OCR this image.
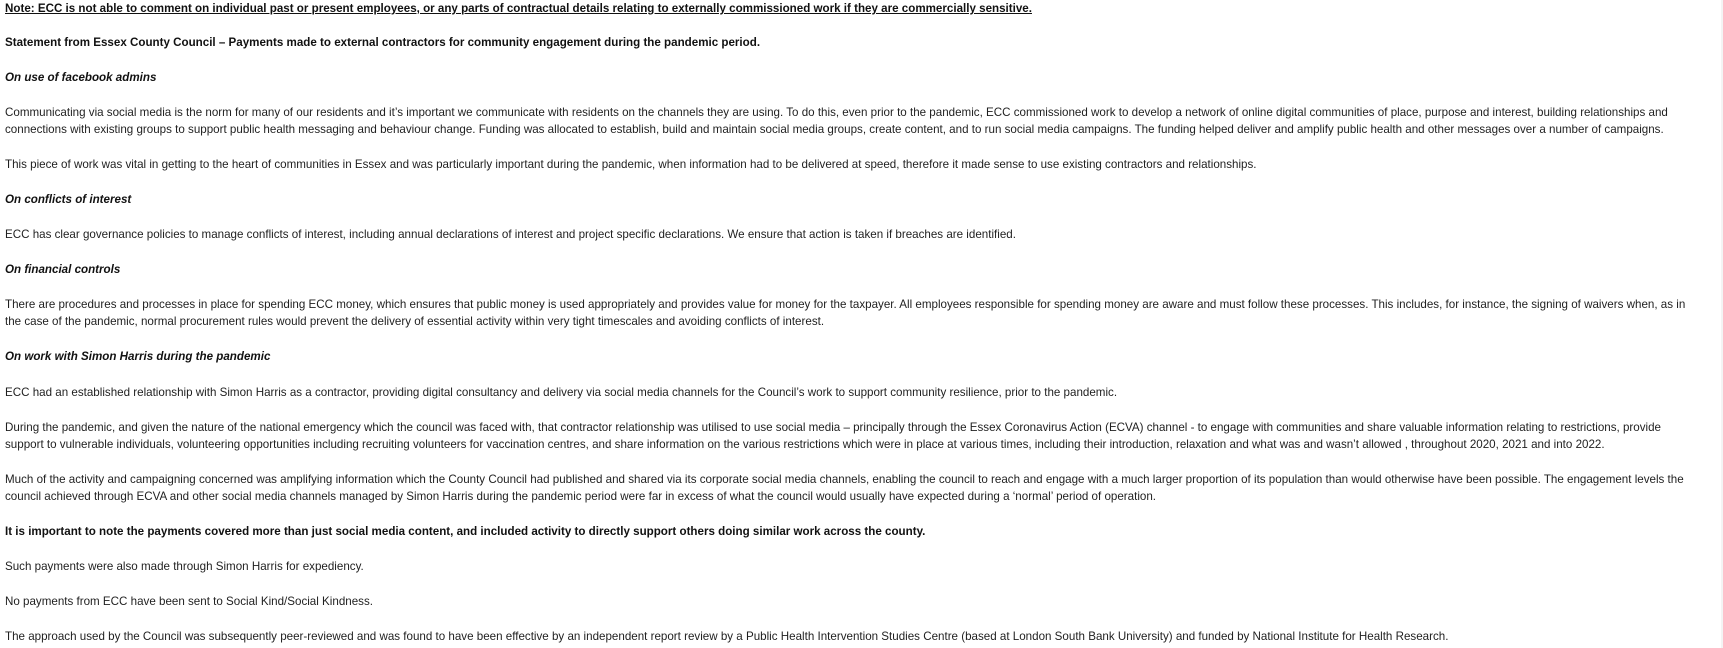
Note: ECC is not able to comment on individual past or present employees, or any parts of contractual details relating to externally commissioned work if they are commercially sensitive.
Statement from Essex County Council – Payments made to external contractors for community engagement during the pandemic period.
On use of facebook admins
Communicating via social media is the norm for many of our residents and it’s important we communicate with residents on the channels they are using. To do this, even prior to the pandemic, ECC commissioned work to develop a network of online digital communities of place, purpose and interest, building relationships and
connections with existing groups to support public health messaging and behaviour change. Funding was allocated to establish, build and maintain social media groups, create content, and to run social media campaigns. The funding helped deliver and amplify public health and other messages over a number of campaigns.
This piece of work was vital in getting to the heart of communities in Essex and was particularly important during the pandemic, when information had to be delivered at speed, therefore it made sense to use existing contractors and relationships.
On conflicts of interest
ECC has clear governance policies to manage conflicts of interest, including annual declarations of interest and project specific declarations. We ensure that action is taken if breaches are identified.
On financial controls
There are procedures and processes in place for spending ECC money, which ensures that public money is used appropriately and provides value for money for the taxpayer. All employees responsible for spending money are aware and must follow these processes. This includes, for instance, the signing of waivers when, as in
the case of the pandemic, normal procurement rules would prevent the delivery of essential activity within very tight timescales and avoiding conflicts of interest.
On work with Simon Harris during the pandemic
ECC had an established relationship with Simon Harris as a contractor, providing digital consultancy and delivery via social media channels for the Council’s work to support community resilience, prior to the pandemic.
During the pandemic, and given the nature of the national emergency which the council was faced with, that contractor relationship was utilised to use social media – principally through the Essex Coronavirus Action (ECVA) channel - to engage with communities and share valuable information relating to restrictions, provide
support to vulnerable individuals, volunteering opportunities including recruiting volunteers for vaccination centres, and share information on the various restrictions which were in place at various times, including their introduction, relaxation and what was and wasn’t allowed , throughout 2020, 2021 and into 2022.
Much of the activity and campaigning concerned was amplifying information which the County Council had published and shared via its corporate social media channels, enabling the council to reach and engage with a much larger proportion of its population than would otherwise have been possible. The engagement levels the
council achieved through ECVA and other social media channels managed by Simon Harris during the pandemic period were far in excess of what the council would usually have expected during a ‘normal’ period of operation.
It is important to note the payments covered more than just social media content, and included activity to directly support others doing similar work across the county.
Such payments were also made through Simon Harris for expediency.
No payments from ECC have been sent to Social Kind/Social Kindness.
The approach used by the Council was subsequently peer-reviewed and was found to have been effective by an independent report review by a Public Health Intervention Studies Centre (based at London South Bank University) and funded by National Institute for Health Research.
